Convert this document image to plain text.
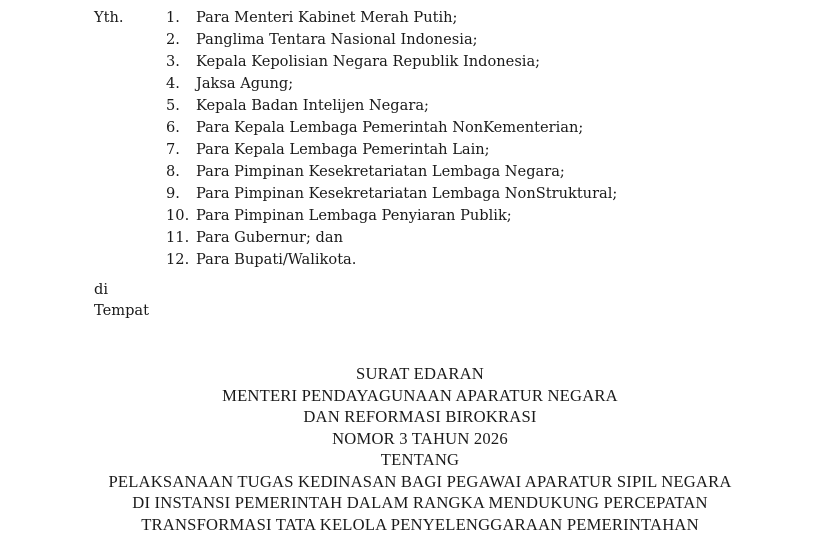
Yth.	1.	Para Menteri Kabinet Merah Putih;
2.	Panglima Tentara Nasional Indonesia;
3.	Kepala Kepolisian Negara Republik Indonesia;
4.	Jaksa Agung;
5.	Kepala Badan Intelijen Negara;
6.	Para Kepala Lembaga Pemerintah NonKementerian;
7.	Para Kepala Lembaga Pemerintah Lain;
8.	Para Pimpinan Kesekretariatan Lembaga Negara;
9.	Para Pimpinan Kesekretariatan Lembaga NonStruktural;
10. Para Pimpinan Lembaga Penyiaran Publik;
11. Para Gubernur; dan
12. Para Bupati/Walikota.
di
Tempat
SURAT EDARAN
MENTERI PENDAYAGUNAAN APARATUR NEGARA
DAN REFORMASI BIROKRASI
NOMOR 3 TAHUN 2026
TENTANG
PELAKSANAAN TUGAS KEDINASAN BAGI PEGAWAI APARATUR SIPIL NEGARA
DI INSTANSI PEMERINTAH DALAM RANGKA MENDUKUNG PERCEPATAN
TRANSFORMASI TATA KELOLA PENYELENGGARAAN PEMERINTAHAN
